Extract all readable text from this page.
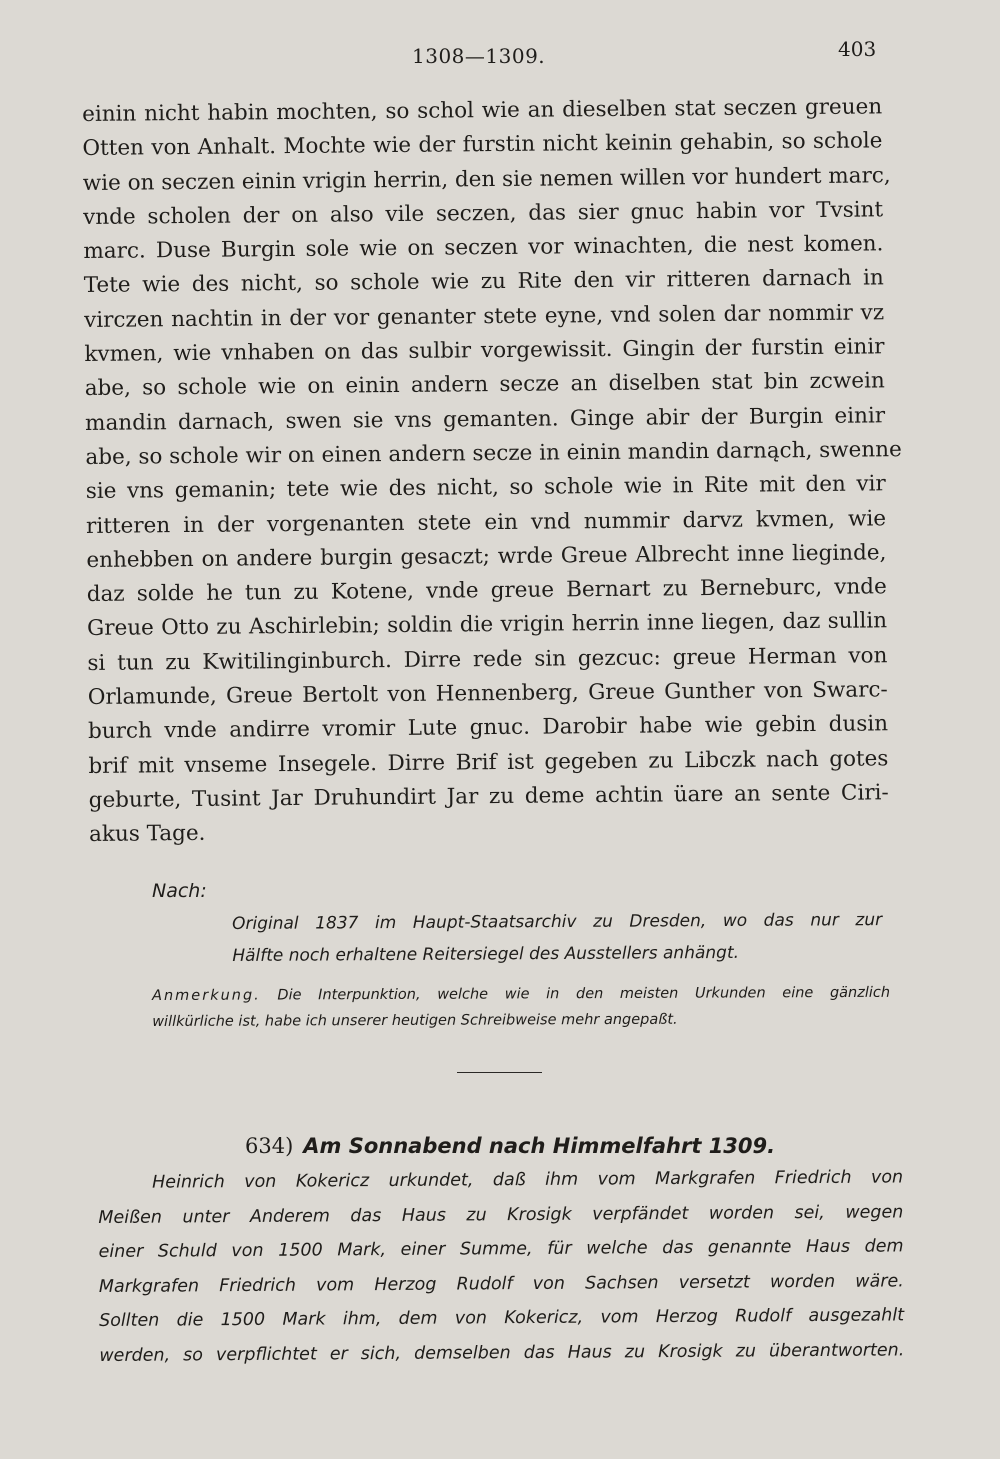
1308—1309.	403
einin nicht habin mochten, so schol wie an dieselben stat seczen greuen
Otten von Anhalt. Mochte wie der furstin nicht keinin gehabin, so schole
wie on seczen einin vrigin herrin, den sie nemen willen vor hundert marc,
vnde scholen der on also vile seczen, das sier gnuc habin vor Tvsint
marc. Duse Burgin sole wie on seczen vor winachten, die nest komen.
Tete wie des nicht, so schole wie zu Rite den vir ritteren darnach in
virczen nachtin in der vor genanter stete eyne, vnd solen dar nommir vz
kvmen, wie vnhaben on das sulbir vorgewissit. Gingin der furstin einir
abe, so schole wie on einin andern secze an diselben stat bin zcwein
mandin darnach, swen sie vns gemanten. Ginge abir der Burgin einir
abe, so schole wir on einen andern secze in einin mandin darnąch, swenne
sie vns gemanin; tete wie des nicht, so schole wie in Rite mit den vir
ritteren in der vorgenanten stete ein vnd nummir darvz kvmen, wie
enhebben on andere burgin gesaczt; wrde Greue Albrecht inne lieginde,
daz solde he tun zu Kotene, vnde greue Bernart zu Berneburc, vnde
Greue Otto zu Aschirlebin; soldin die vrigin herrin inne liegen, daz sullin
si tun zu Kwitilinginburch. Dirre rede sin gezcuc: greue Herman von
Orlamunde, Greue Bertolt von Hennenberg, Greue Gunther von Swarc-
burch vnde andirre vromir Lute gnuc. Darobir habe wie gebin dusin
brif mit vnseme Insegele. Dirre Brif ist gegeben zu Libczk nach gotes
geburte, Tusint Jar Druhundirt Jar zu deme achtin üare an sente Ciri-
akus Tage.
Nach:
Original 1837 im Haupt-Staatsarchiv zu Dresden, wo das nur zur
Hälfte noch erhaltene Reitersiegel des Ausstellers anhängt.
Anmerkung. Die Interpunktion, welche wie in den meisten Urkunden eine gänzlich
willkürliche ist, habe ich unserer heutigen Schreibweise mehr angepaßt.
634) Am Sonnabend nach Himmelfahrt 1309.
Heinrich von Kokericz urkundet, daß ihm vom Markgrafen Friedrich von
Meißen unter Anderem das Haus zu Krosigk verpfändet worden sei, wegen
einer Schuld von 1500 Mark, einer Summe, für welche das genannte Haus dem
Markgrafen Friedrich vom Herzog Rudolf von Sachsen versetzt worden wäre.
Sollten die 1500 Mark ihm, dem von Kokericz, vom Herzog Rudolf ausgezahlt
werden, so verpflichtet er sich, demselben das Haus zu Krosigk zu überantworten.
